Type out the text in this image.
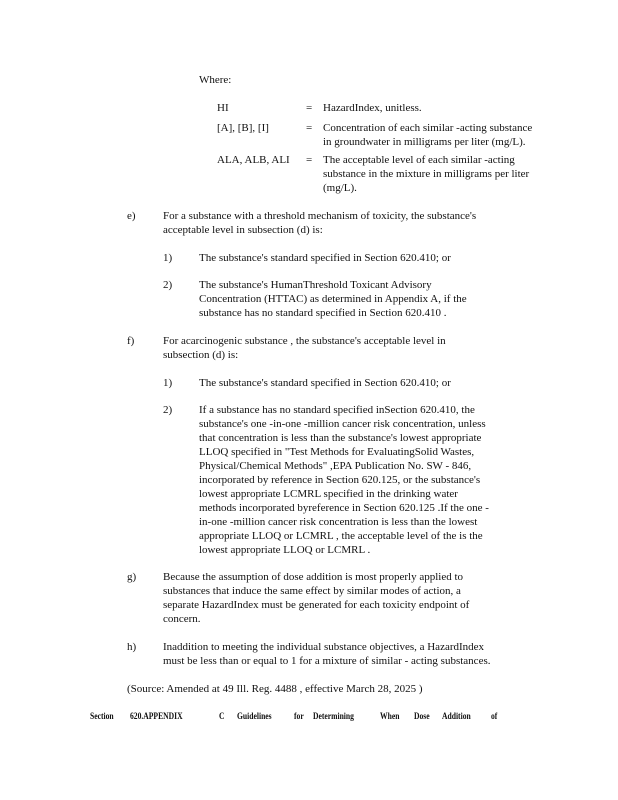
Where:
HI	= HazardIndex, unitless.
[A], [B], [I]	= Concentration of each similar -acting substance
in groundwater in milligrams per liter (mg/L).
ALA, ALB, ALI = The acceptable level of each similar -acting
substance in the mixture in milligrams per liter
(mg/L).
e) For a substance with a threshold mechanism of toxicity, the substance's
acceptable level in subsection (d) is:
1) The substance's standard specified in Section 620.410; or
2) The substance's HumanThreshold Toxicant Advisory
Concentration (HTTAC) as determined in Appendix A, if the
substance has no standard specified in Section 620.410 .
f)	For acarcinogenic substance , the substance's acceptable level in
subsection (d) is:
1) The substance's standard specified in Section 620.410; or
2) If a substance has no standard specified inSection 620.410, the
substance's one -in-one -million cancer risk concentration, unless
that concentration is less than the substance's lowest appropriate
LLOQ specified in "Test Methods for EvaluatingSolid Wastes,
Physical/Chemical Methods" ,EPA Publication No. SW - 846,
incorporated by reference in Section 620.125, or the substance's
lowest appropriate LCMRL specified in the drinking water
methods incorporated byreference in Section 620.125 .If the one -
in-one -million cancer risk concentration is less than the lowest
appropriate LLOQ or LCMRL , the acceptable level of the is the
lowest appropriate LLOQ or LCMRL .
g) Because the assumption of dose addition is most properly applied to
substances that induce the same effect by similar modes of action, a
separate HazardIndex must be generated for each toxicity endpoint of
concern.
h) Inaddition to meeting the individual substance objectives, a HazardIndex
must be less than or equal to 1 for a mixture of similar - acting substances.
(Source: Amended at 49 Ill. Reg. 4488 , effective March 28, 2025 )
Section 620.APPENDIX	C Guidelines for Determining	When Dose Addition of
